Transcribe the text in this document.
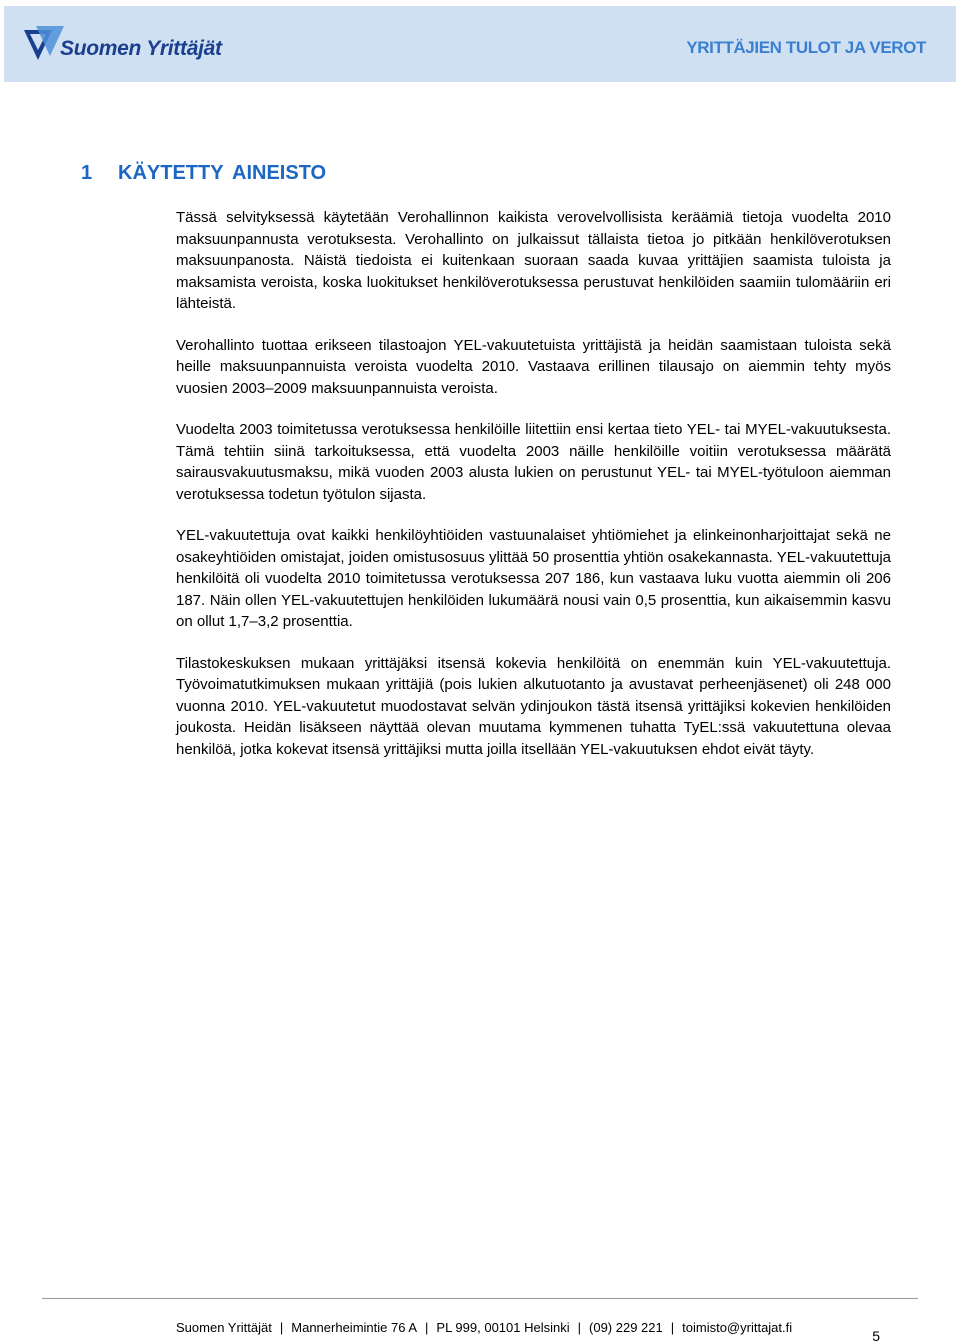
Suomen Yrittäjät	YRITTÄJIEN TULOT JA VEROT
1 KÄYTETTY AINEISTO

Tässä selvityksessä käytetään Verohallinnon kaikista verovelvollisista keräämiä tietoja vuodelta 2010 maksuunpannusta verotuksesta. Verohallinto on julkaissut tällaista tietoa jo pitkään henkilöverotuksen maksuunpanosta. Näistä tiedoista ei kuitenkaan suoraan saada kuvaa yrittäjien saamista tuloista ja maksamista veroista, koska luokitukset henkilöverotuksessa perustuvat henkilöiden saamiin tulomääriin eri lähteistä.

Verohallinto tuottaa erikseen tilastoajon YEL-vakuutetuista yrittäjistä ja heidän saamistaan tuloista sekä heille maksuunpannuista veroista vuodelta 2010. Vastaava erillinen tilausajo on aiemmin tehty myös vuosien 2003–2009 maksuunpannuista veroista.

Vuodelta 2003 toimitetussa verotuksessa henkilöille liitettiin ensi kertaa tieto YEL- tai MYEL-vakuutuksesta. Tämä tehtiin siinä tarkoituksessa, että vuodelta 2003 näille henkilöille voitiin verotuksessa määrätä sairausvakuutusmaksu, mikä vuoden 2003 alusta lukien on perustunut YEL- tai MYEL-työtuloon aiemman verotuksessa todetun työtulon sijasta.

YEL-vakuutettuja ovat kaikki henkilöyhtiöiden vastuunalaiset yhtiömiehet ja elinkeinonharjoittajat sekä ne osakeyhtiöiden omistajat, joiden omistusosuus ylittää 50 prosenttia yhtiön osakekannasta. YEL-vakuutettuja henkilöitä oli vuodelta 2010 toimitetussa verotuksessa 207 186, kun vastaava luku vuotta aiemmin oli 206 187. Näin ollen YEL-vakuutettujen henkilöiden lukumäärä nousi vain 0,5 prosenttia, kun aikaisemmin kasvu on ollut 1,7–3,2 prosenttia.

Tilastokeskuksen mukaan yrittäjäksi itsensä kokevia henkilöitä on enemmän kuin YEL-vakuutettuja. Työvoimatutkimuksen mukaan yrittäjiä (pois lukien alkutuotanto ja avustavat perheenjäsenet) oli 248 000 vuonna 2010. YEL-vakuutetut muodostavat selvän ydinjoukon tästä itsensä yrittäjiksi kokevien henkilöiden joukosta. Heidän lisäkseen näyttää olevan muutama kymmenen tuhatta TyEL:ssä vakuutettuna olevaa henkilöä, jotka kokevat itsensä yrittäjiksi mutta joilla itsellään YEL-vakuutuksen ehdot eivät täyty.

Suomen Yrittäjät | Mannerheimintie 76 A | PL 999, 00101 Helsinki | (09) 229 221 | toimisto@yrittajat.fi
5
